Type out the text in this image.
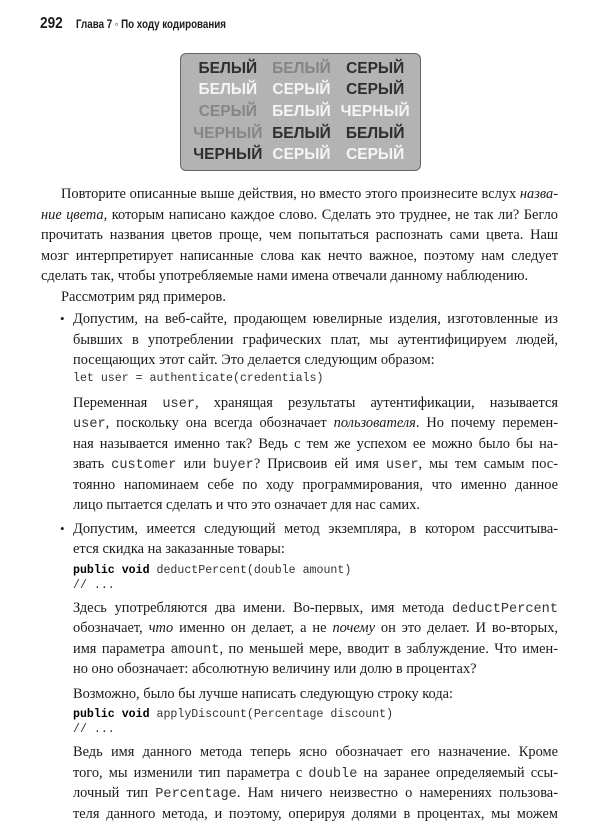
292 Глава 7 ◦ По ходу кодирования
БЕЛЫЙ БЕЛЫЙ СЕРЫЙ
БЕЛЫЙ СЕРЫЙ СЕРЫЙ
СЕРЫЙ БЕЛЫЙ ЧЕРНЫЙ
ЧЕРНЫЙ БЕЛЫЙ БЕЛЫЙ
ЧЕРНЫЙ СЕРЫЙ СЕРЫЙ
Повторите описанные выше действия, но вместо этого произнесите вслух назва-
ние цвета, которым написано каждое слово. Сделать это труднее, не так ли? Бегло
прочитать названия цветов проще, чем попытаться распознать сами цвета. Наш
мозг интерпретирует написанные слова как нечто важное, поэтому нам следует
сделать так, чтобы употребляемые нами имена отвечали данному наблюдению.
Рассмотрим ряд примеров.
• Допустим, на веб-сайте, продающем ювелирные изделия, изготовленные из
бывших в употреблении графических плат, мы аутентифицируем людей,
посещающих этот сайт. Это делается следующим образом:
let user = authenticate(credentials)
Переменная user, хранящая результаты аутентификации, называется
user, поскольку она всегда обозначает пользователя. Но почему перемен-
ная называется именно так? Ведь с тем же успехом ее можно было бы на-
звать customer или buyer? Присвоив ей имя user, мы тем самым пос-
тоянно напоминаем себе по ходу программирования, что именно данное
лицо пытается сделать и что это означает для нас самих.
• Допустим, имеется следующий метод экземпляра, в котором рассчитыва-
ется скидка на заказанные товары:
public void deductPercent(double amount)
// ...
Здесь употребляются два имени. Во-первых, имя метода deductPercent
обозначает, что именно он делает, а не почему он это делает. И во-вторых,
имя параметра amount, по меньшей мере, вводит в заблуждение. Что имен-
но оно обозначает: абсолютную величину или долю в процентах?
Возможно, было бы лучше написать следующую строку кода:
public void applyDiscount(Percentage discount)
// ...
Ведь имя данного метода теперь ясно обозначает его назначение. Кроме
того, мы изменили тип параметра с double на заранее определяемый ссы-
лочный тип Percentage. Нам ничего неизвестно о намерениях пользова-
теля данного метода, и поэтому, оперируя долями в процентах, мы можем
